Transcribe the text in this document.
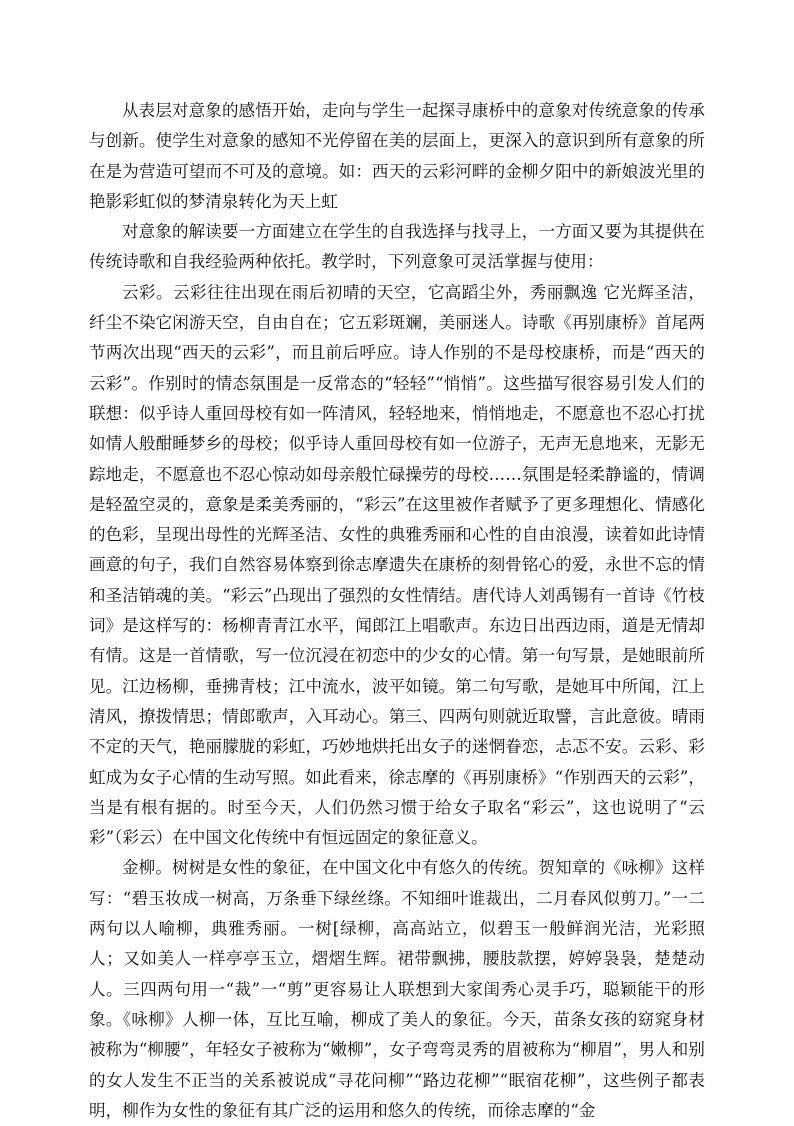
从表层对意象的感悟开始，走向与学生一起探寻康桥中的意象对传统意象的传承与创新。使学生对意象的感知不光停留在美的层面上，更深入的意识到所有意象的所在是为营造可望而不可及的意境。如：西天的云彩河畔的金柳夕阳中的新娘波光里的艳影彩虹似的梦清泉转化为天上虹

对意象的解读要一方面建立在学生的自我选择与找寻上，一方面又要为其提供在传统诗歌和自我经验两种依托。教学时，下列意象可灵活掌握与使用：

云彩。云彩往往出现在雨后初晴的天空，它高蹈尘外，秀丽飘逸 它光辉圣洁，纤尘不染它闲游天空，自由自在；它五彩斑斓，美丽迷人。诗歌《再别康桥》首尾两节两次出现“西天的云彩”，而且前后呼应。诗人作别的不是母校康桥，而是“西天的云彩”。作别时的情态氛围是一反常态的“轻轻”“悄悄”。这些描写很容易引发人们的联想：似乎诗人重回母校有如一阵清风，轻轻地来，悄悄地走，不愿意也不忍心打扰如情人般酣睡梦乡的母校；似乎诗人重回母校有如一位游子，无声无息地来，无影无踪地走，不愿意也不忍心惊动如母亲般忙碌操劳的母校……氛围是轻柔静谧的，情调是轻盈空灵的，意象是柔美秀丽的，“彩云”在这里被作者赋予了更多理想化、情感化的色彩，呈现出母性的光辉圣洁、女性的典雅秀丽和心性的自由浪漫，读着如此诗情画意的句子，我们自然容易体察到徐志摩遗失在康桥的刻骨铭心的爱，永世不忘的情和圣洁销魂的美。“彩云”凸现出了强烈的女性情结。唐代诗人刘禹锡有一首诗《竹枝词》是这样写的：杨柳青青江水平，闻郎江上唱歌声。东边日出西边雨，道是无情却有情。这是一首情歌，写一位沉浸在初恋中的少女的心情。第一句写景，是她眼前所见。江边杨柳，垂拂青枝；江中流水，波平如镜。第二句写歌，是她耳中所闻，江上清风，撩拨情思；情郎歌声，入耳动心。第三、四两句则就近取譬，言此意彼。晴雨不定的天气，艳丽朦胧的彩虹，巧妙地烘托出女子的迷惘眷恋，忐忑不安。云彩、彩虹成为女子心情的生动写照。如此看来，徐志摩的《再别康桥》“作别西天的云彩”，当是有根有据的。时至今天，人们仍然习惯于给女子取名“彩云”，这也说明了“云彩”（彩云）在中国文化传统中有恒远固定的象征意义。

金柳。树树是女性的象征，在中国文化中有悠久的传统。贺知章的《咏柳》这样写：“碧玉妆成一树高，万条垂下绿丝绦。不知细叶谁裁出，二月春风似剪刀。”一二两句以人喻柳，典雅秀丽。一树[绿柳，高高站立，似碧玉一般鲜润光洁，光彩照人；又如美人一样亭亭玉立，熠熠生辉。裙带飘拂，腰肢款摆，婷婷袅袅，楚楚动人。三四两句用一“裁”一“剪”更容易让人联想到大家闺秀心灵手巧，聪颖能干的形象。《咏柳》人柳一体，互比互喻，柳成了美人的象征。今天，苗条女孩的窈窕身材被称为“柳腰”，年轻女子被称为“嫩柳”，女子弯弯灵秀的眉被称为“柳眉”，男人和别的女人发生不正当的关系被说成“寻花问柳”“路边花柳”“眠宿花柳”，这些例子都表明，柳作为女性的象征有其广泛的运用和悠久的传统，而徐志摩的“金
